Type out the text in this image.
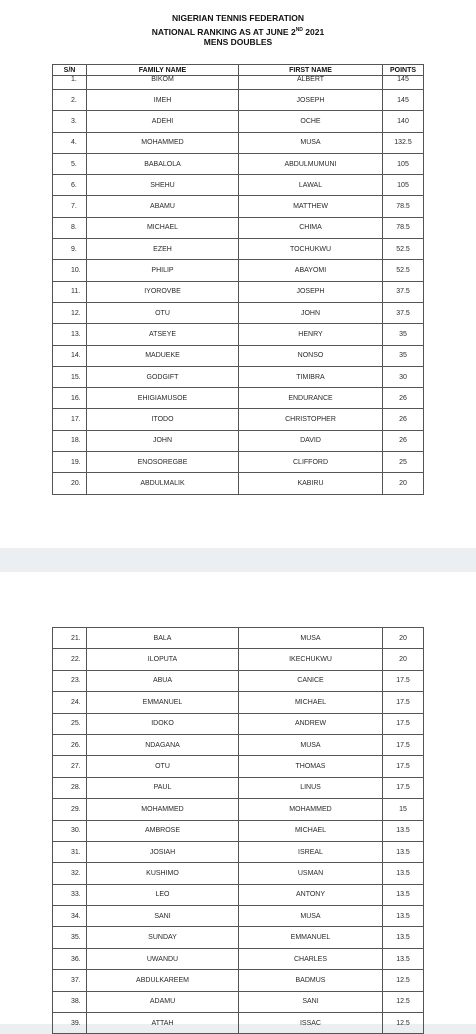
NIGERIAN TENNIS FEDERATION
NATIONAL RANKING AS AT JUNE 2ND 2021
MENS DOUBLES
S/N	FAMILY NAME	FIRST NAME	POINTS
1.	BIKOM	ALBERT	145
2.	IMEH	JOSEPH	145
3.	ADEHI	OCHE	140
4.	MOHAMMED	MUSA	132.5
5.	BABALOLA	ABDULMUMUNI	105
6.	SHEHU	LAWAL	105
7.	ABAMU	MATTHEW	78.5
8.	MICHAEL	CHIMA	78.5
9.	EZEH	TOCHUKWU	52.5
10.	PHILIP	ABAYOMI	52.5
11.	IYOROVBE	JOSEPH	37.5
12.	OTU	JOHN	37.5
13.	ATSEYE	HENRY	35
14.	MADUEKE	NONSO	35
15.	GODGIFT	TIMIBRA	30
16.	EHIGIAMUSOE	ENDURANCE	26
17.	ITODO	CHRISTOPHER	26
18.	JOHN	DAVID	26
19.	ENOSOREGBE	CLIFFORD	25
20.	ABDULMALIK	KABIRU	20
21.	BALA	MUSA	20
22.	ILOPUTA	IKECHUKWU	20
23.	ABUA	CANICE	17.5
24.	EMMANUEL	MICHAEL	17.5
25.	IDOKO	ANDREW	17.5
26.	NDAGANA	MUSA	17.5
27.	OTU	THOMAS	17.5
28.	PAUL	LINUS	17.5
29.	MOHAMMED	MOHAMMED	15
30.	AMBROSE	MICHAEL	13.5
31.	JOSIAH	ISREAL	13.5
32.	KUSHIMO	USMAN	13.5
33.	LEO	ANTONY	13.5
34.	SANI	MUSA	13.5
35.	SUNDAY	EMMANUEL	13.5
36.	UWANDU	CHARLES	13.5
37.	ABDULKAREEM	BADMUS	12.5
38.	ADAMU	SANI	12.5
39.	ATTAH	ISSAC	12.5
